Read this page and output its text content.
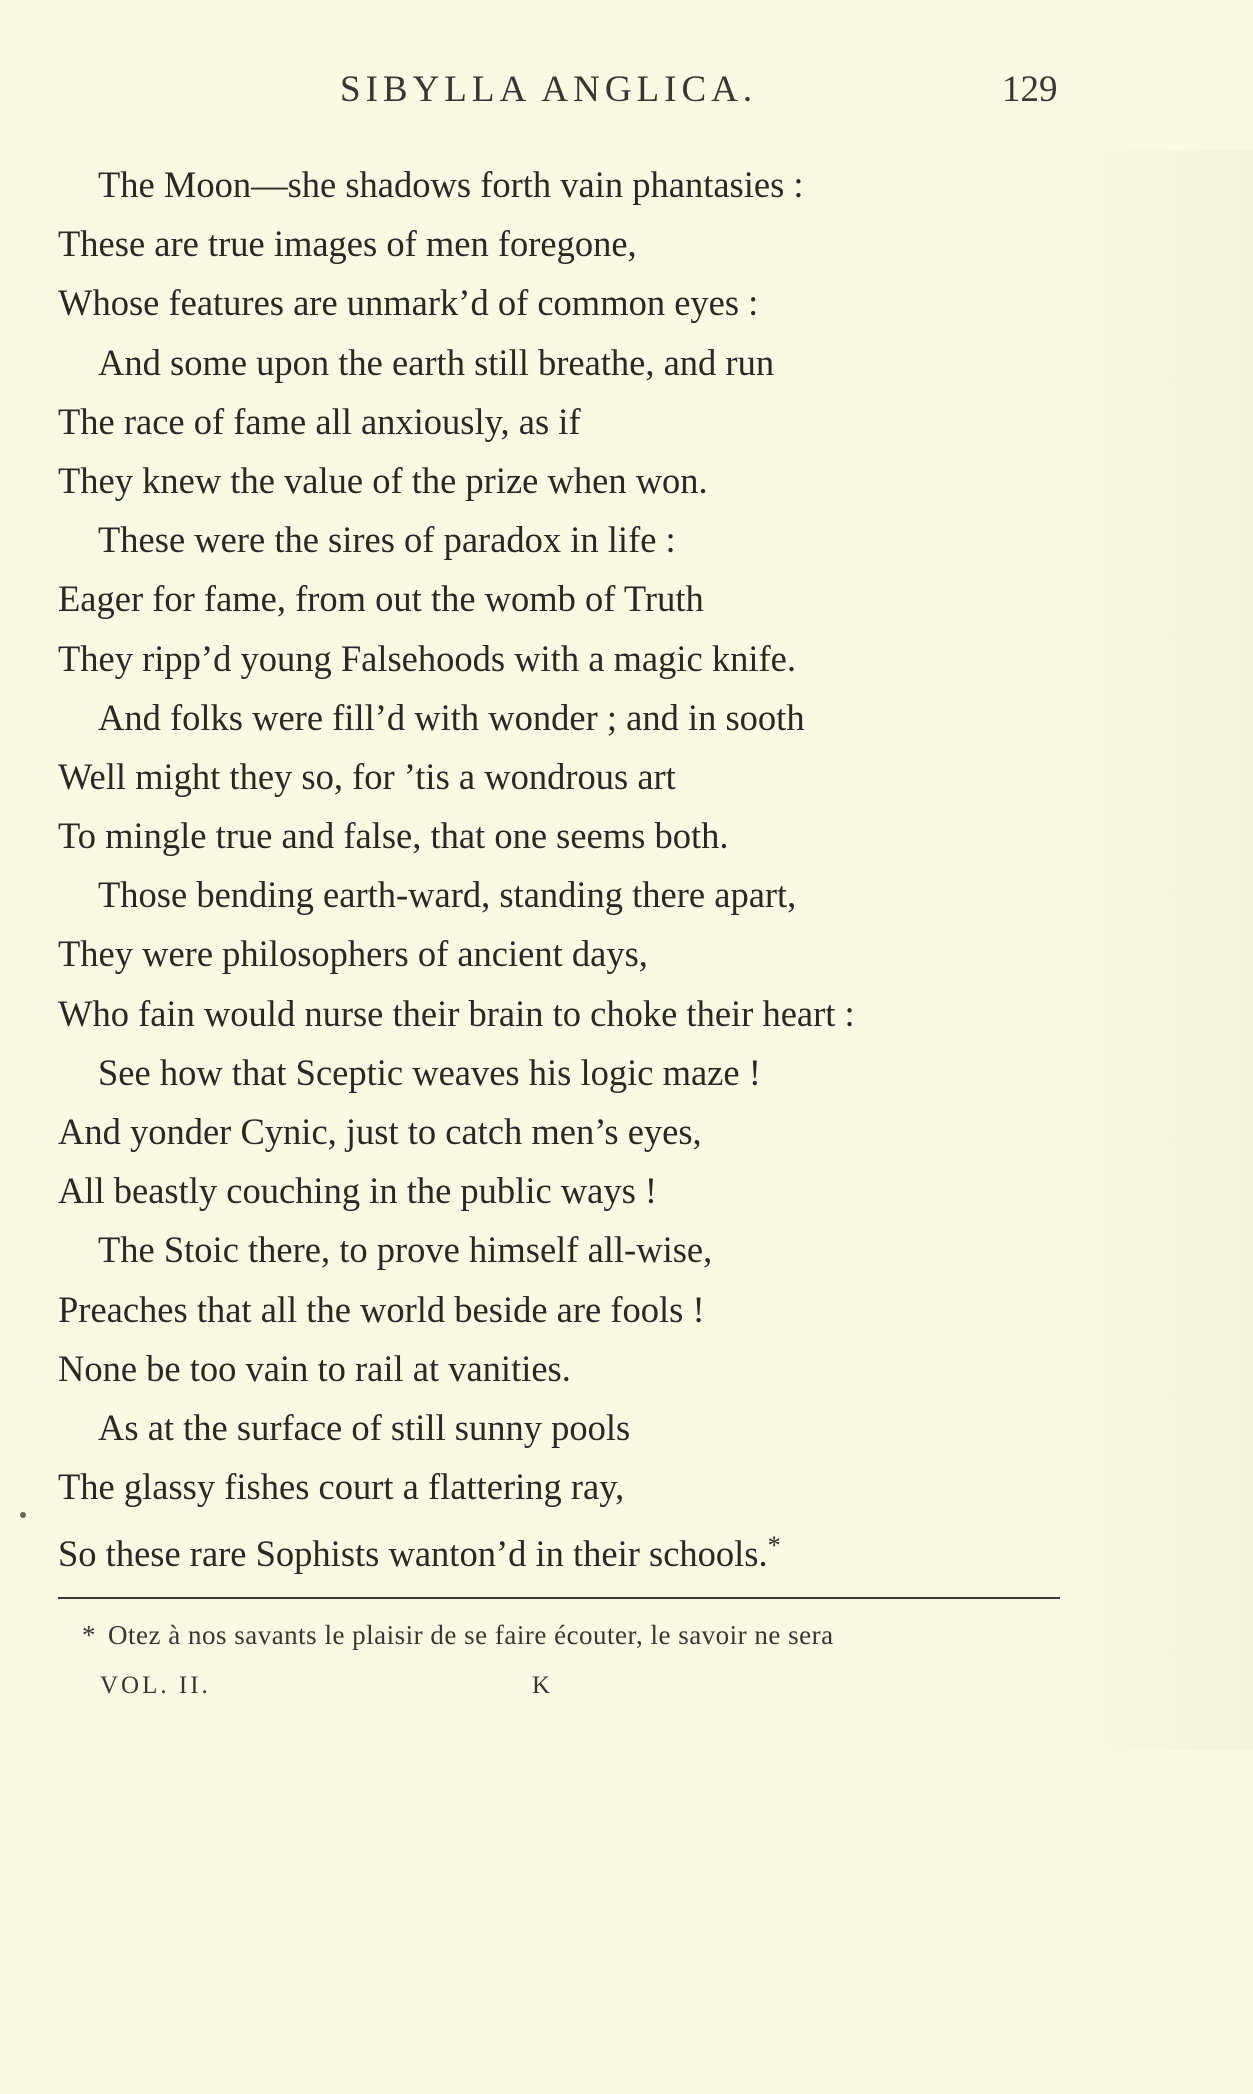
SIBYLLA ANGLICA.	129
The Moon—she shadows forth vain phantasies :
These are true images of men foregone,
Whose features are unmark’d of common eyes :
And some upon the earth still breathe, and run
The race of fame all anxiously, as if
They knew the value of the prize when won.
These were the sires of paradox in life :
Eager for fame, from out the womb of Truth
They ripp’d young Falsehoods with a magic knife.
And folks were fill’d with wonder ; and in sooth
Well might they so, for ’tis a wondrous art
To mingle true and false, that one seems both.
Those bending earth-ward, standing there apart,
They were philosophers of ancient days,
Who fain would nurse their brain to choke their heart :
See how that Sceptic weaves his logic maze !
And yonder Cynic, just to catch men’s eyes,
All beastly couching in the public ways !
The Stoic there, to prove himself all-wise,
Preaches that all the world beside are fools !
None be too vain to rail at vanities.
As at the surface of still sunny pools
The glassy fishes court a flattering ray,
So these rare Sophists wanton’d in their schools.*
* Otez à nos savants le plaisir de se faire écouter, le savoir ne sera
VOL. II.	K
